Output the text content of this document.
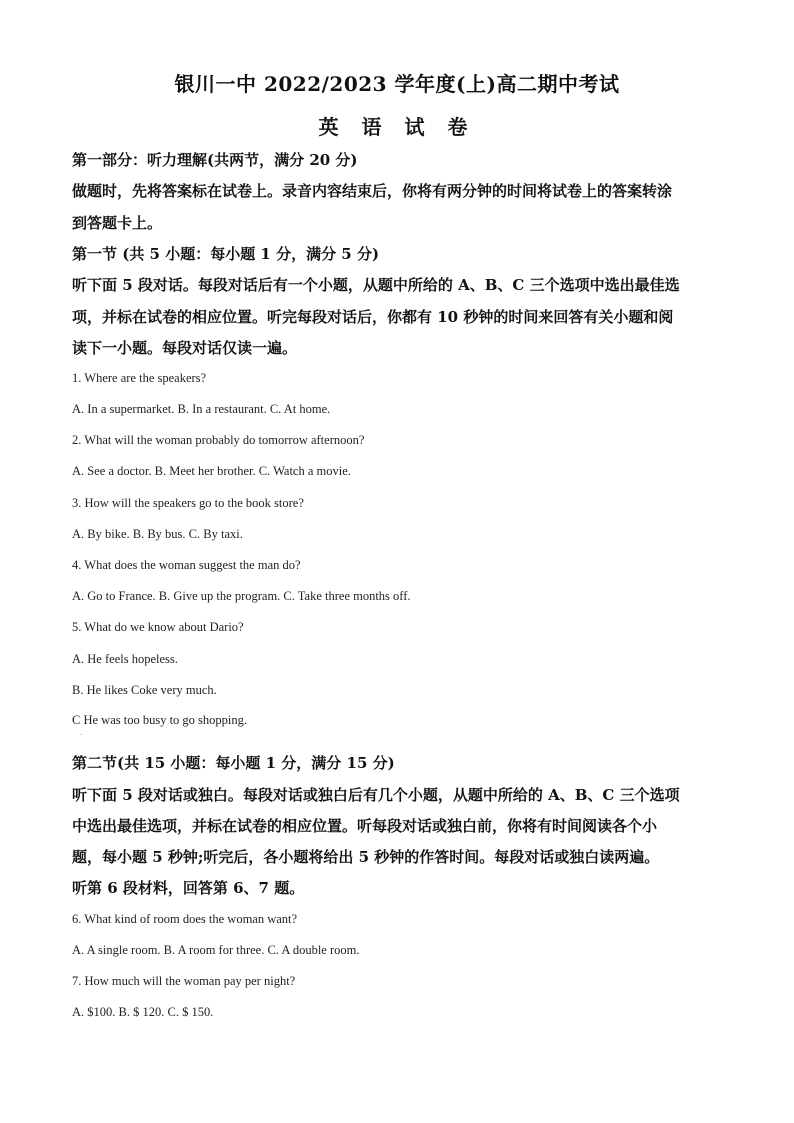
银川一中 2022/2023 学年度(上)高二期中考试
英 语 试 卷
第一部分：听力理解(共两节，满分 20 分)
做题时，先将答案标在试卷上。录音内容结束后，你将有两分钟的时间将试卷上的答案转涂
到答题卡上。
第一节 (共 5 小题：每小题 1 分，满分 5 分)
听下面 5 段对话。每段对话后有一个小题，从题中所给的 A、B、C 三个选项中选出最佳选
项，并标在试卷的相应位置。听完每段对话后，你都有 10 秒钟的时间来回答有关小题和阅
读下一小题。每段对话仅读一遍。
1. Where are the speakers?
A. In a supermarket. B. In a restaurant. C. At home.
2. What will the woman probably do tomorrow afternoon?
A. See a doctor. B. Meet her brother. C. Watch a movie.
3. How will the speakers go to the book store?
A. By bike. B. By bus. C. By taxi.
4. What does the woman suggest the man do?
A. Go to France. B. Give up the program. C. Take three months off.
5. What do we know about Dario?
A. He feels hopeless.
B. He likes Coke very much.
C He was too busy to go shopping.
·
第二节(共 15 小题：每小题 1 分，满分 15 分)
听下面 5 段对话或独白。每段对话或独白后有几个小题，从题中所给的 A、B、C 三个选项
中选出最佳选项，并标在试卷的相应位置。听每段对话或独白前，你将有时间阅读各个小
题，每小题 5 秒钟;听完后，各小题将给出 5 秒钟的作答时间。每段对话或独白读两遍。
听第 6 段材料，回答第 6、7 题。
6. What kind of room does the woman want?
A. A single room. B. A room for three. C. A double room.
7. How much will the woman pay per night?
A. $100. B. $ 120. C. $ 150.
